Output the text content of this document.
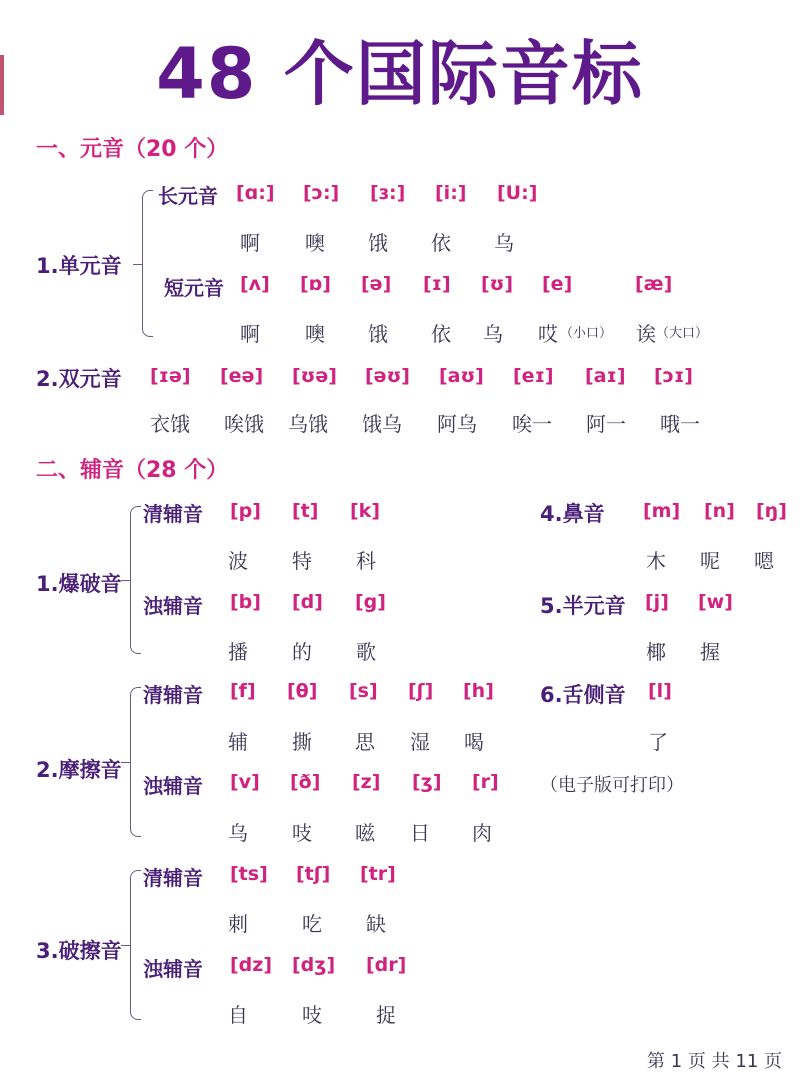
48 个国际音标
一、元音（20 个）
1.单元音
长元音 [ɑ:] [ɔ:] [ɜ:] [i:] [U:]
啊 噢 饿 依 乌
短元音 [ʌ] [ɒ] [ə] [ɪ] [ʊ] [e]	[æ]
啊 噢 饿 依 乌 哎 （小口） 诶 （大口）
2.双元音 [ɪə] [eə] [ʊə] [əʊ] [aʊ] [eɪ] [aɪ] [ɔɪ]
衣饿 唉饿 乌饿 饿乌 阿乌 唉一 阿一 哦一
二、辅音（28 个）
1.爆破音
清辅音 [p] [t] [k]
波 特 科
浊辅音 [b] [d] [g]
播 的 歌
4.鼻音 [m] [n] [ŋ]
木 呢 嗯
5.半元音 [j] [w]
椰 握
2.摩擦音
清辅音 [f] [θ] [s] [ʃ] [h]
辅 撕 思 湿 喝
浊辅音 [v] [ð] [z] [ʒ] [r]
乌 吱 嗞 日 肉
6.舌侧音 [l]
了
（电子版可打印）
3.破擦音
清辅音 [ts] [tʃ] [tr]
刺	吃 缺
浊辅音 [dz] [dʒ] [dr]
自	吱	捉
第 1 页 共 11 页
